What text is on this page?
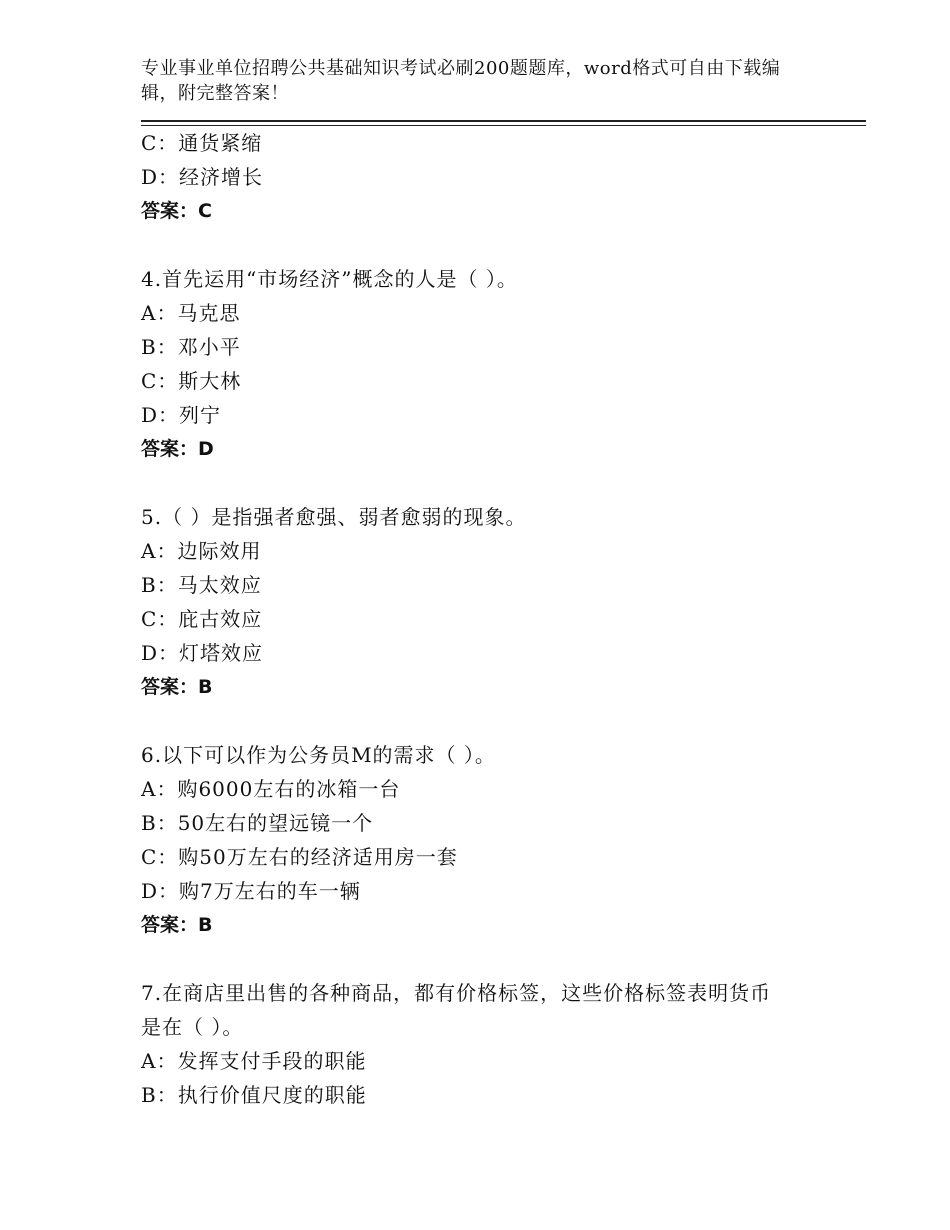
专业事业单位招聘公共基础知识考试必刷200题题库，word格式可自由下载编辑，附完整答案！
C：通货紧缩
D：经济增长
答案：C
4.首先运用“市场经济”概念的人是（ ）。
A：马克思
B：邓小平
C：斯大林
D：列宁
答案：D
5.（ ）是指强者愈强、弱者愈弱的现象。
A：边际效用
B：马太效应
C：庇古效应
D：灯塔效应
答案：B
6.以下可以作为公务员M的需求（ ）。
A：购6000左右的冰箱一台
B：50左右的望远镜一个
C：购50万左右的经济适用房一套
D：购7万左右的车一辆
答案：B
7.在商店里出售的各种商品，都有价格标签，这些价格标签表明货币
是在（ ）。
A：发挥支付手段的职能
B：执行价值尺度的职能
